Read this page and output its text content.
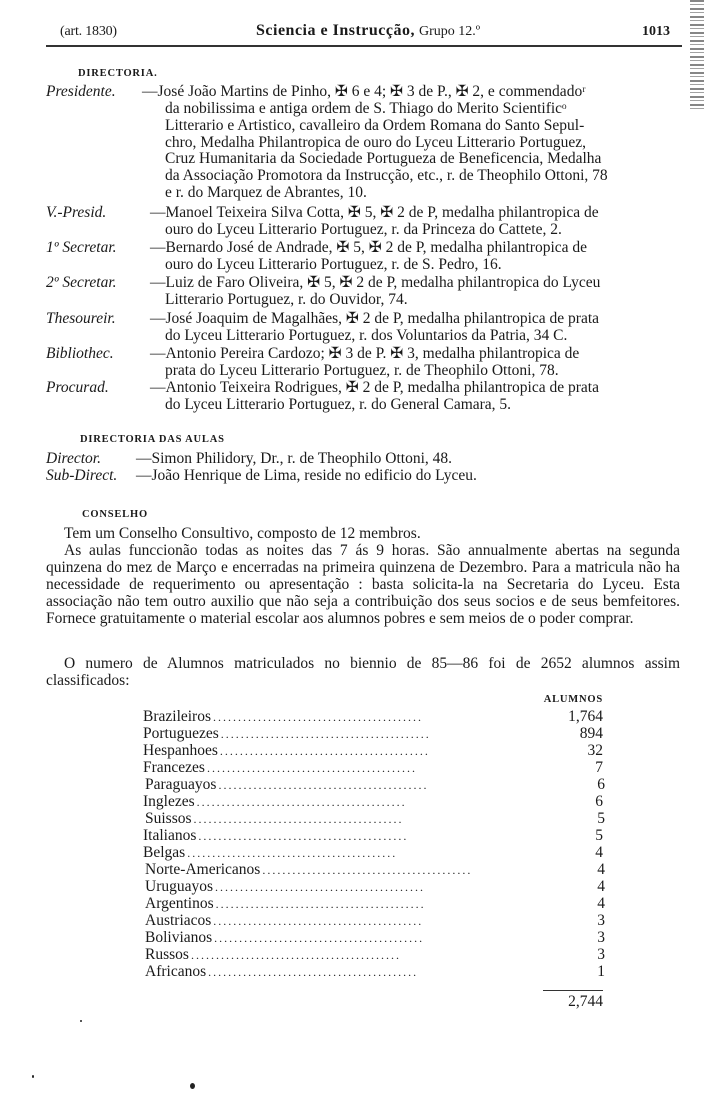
(art. 1830)	Sciencia e Instrucção, Grupo 12.º	1013
DIRECTORIA.
Presidente. —José João Martins de Pinho, ✠ 6 e 4; ✠ 3 de P., ✠ 2, e commendadoʳ
da nobilissima e antiga ordem de S. Thiago do Merito Scientificᵒ
Litterario e Artistico, cavalleiro da Ordem Romana do Santo Sepul-
chro, Medalha Philantropica de ouro do Lyceu Litterario Portuguez,
Cruz Humanitaria da Sociedade Portugueza de Beneficencia, Medalha
da Associação Promotora da Instrucção, etc., r. de Theophilo Ottoni, 78
e r. do Marquez de Abrantes, 10.
V.-Presid.	—Manoel Teixeira Silva Cotta, ✠ 5, ✠ 2 de P, medalha philantropica de
ouro do Lyceu Litterario Portuguez, r. da Princeza do Cattete, 2.
1º Secretar. —Bernardo José de Andrade, ✠ 5, ✠ 2 de P, medalha philantropica de
ouro do Lyceu Litterario Portuguez, r. de S. Pedro, 16.
2º Secretar. —Luiz de Faro Oliveira, ✠ 5, ✠ 2 de P, medalha philantropica do Lyceu
Litterario Portuguez, r. do Ouvidor, 74.
Thesoureir. —José Joaquim de Magalhães, ✠ 2 de P, medalha philantropica de prata
do Lyceu Litterario Portuguez, r. dos Voluntarios da Patria, 34 C.
Bibliothec. —Antonio Pereira Cardozo; ✠ 3 de P. ✠ 3, medalha philantropica de
prata do Lyceu Litterario Portuguez, r. de Theophilo Ottoni, 78.
Procurad.	—Antonio Teixeira Rodrigues, ✠ 2 de P, medalha philantropica de prata
do Lyceu Litterario Portuguez, r. do General Camara, 5.
DIRECTORIA DAS AULAS
Director. —Simon Philidory, Dr., r. de Theophilo Ottoni, 48.
Sub-Direct. —João Henrique de Lima, reside no edificio do Lyceu.
CONSELHO

Tem um Conselho Consultivo, composto de 12 membros.

As aulas funccionão todas as noites das 7 ás 9 horas. São annualmente abertas na segunda quinzena do mez de Março e encerradas na primeira quinzena de Dezembro. Para a matricula não ha necessidade de requerimento ou apresentação : basta solicita-la na Secretaria do Lyceu. Esta associação não tem outro auxilio que não seja a contribuição dos seus socios e de seus bemfeitores. Fornece gratuitamente o material escolar aos alumnos pobres e sem meios de o poder comprar.

O numero de Alumnos matriculados no biennio de 85—86 foi de 2652 alumnos assim classificados:

ALUMNOS
Brazileiros ..........................................	1,764
Portuguezes ..........................................	894
Hespanhoes ..........................................	32
Francezes ..........................................	7
Paraguayos ..........................................	6
Inglezes ..........................................	6
Suissos ..........................................	5
Italianos ..........................................	5
Belgas ..........................................	4
Norte-Americanos ..........................................	4
Uruguayos ..........................................	4
Argentinos ..........................................	4
Austriacos ..........................................	3
Bolivianos ..........................................	3
Russos ..........................................	3
Africanos ..........................................	1
2,744
